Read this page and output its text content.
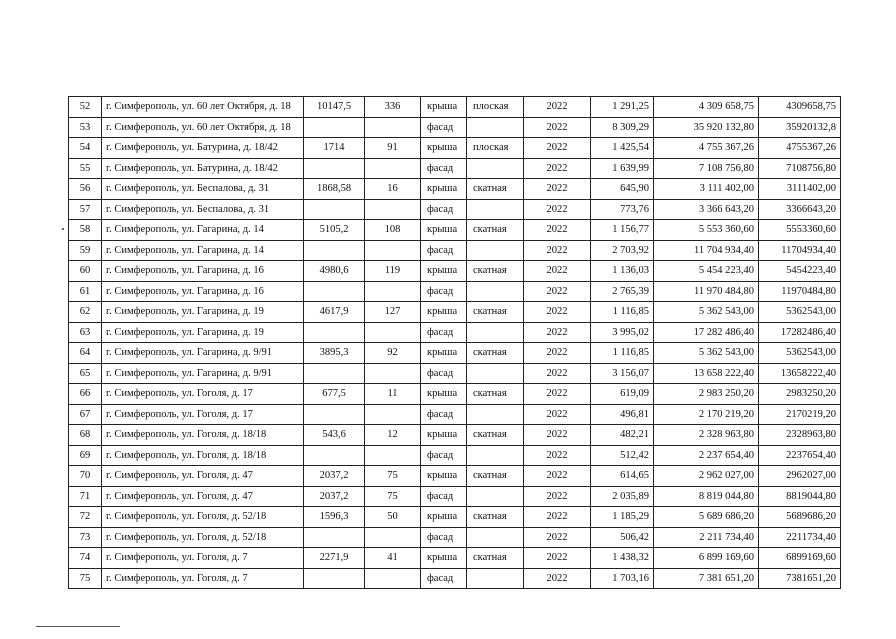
52	г. Симферополь, ул. 60 лет Октября, д. 18	10147,5	336	крыша	плоская	2022	1 291,25	4 309 658,75	4309658,75
53	г. Симферополь, ул. 60 лет Октября, д. 18			фасад		2022	8 309,29	35 920 132,80	35920132,8
54	г. Симферополь, ул. Батурина, д. 18/42	1714	91	крыша	плоская	2022	1 425,54	4 755 367,26	4755367,26
55	г. Симферополь, ул. Батурина, д. 18/42			фасад		2022	1 639,99	7 108 756,80	7108756,80
56	г. Симферополь, ул. Беспалова, д. 31	1868,58	16	крыша	скатная	2022	645,90	3 111 402,00	3111402,00
57	г. Симферополь, ул. Беспалова, д. 31			фасад		2022	773,76	3 366 643,20	3366643,20
58	г. Симферополь, ул. Гагарина, д. 14	5105,2	108	крыша	скатная	2022	1 156,77	5 553 360,60	5553360,60
59	г. Симферополь, ул. Гагарина, д. 14			фасад		2022	2 703,92	11 704 934,40	11704934,40
60	г. Симферополь, ул. Гагарина, д. 16	4980,6	119	крыша	скатная	2022	1 136,03	5 454 223,40	5454223,40
61	г. Симферополь, ул. Гагарина, д. 16			фасад		2022	2 765,39	11 970 484,80	11970484,80
62	г. Симферополь, ул. Гагарина, д. 19	4617,9	127	крыша	скатная	2022	1 116,85	5 362 543,00	5362543,00
63	г. Симферополь, ул. Гагарина, д. 19			фасад		2022	3 995,02	17 282 486,40	17282486,40
64	г. Симферополь, ул. Гагарина, д. 9/91	3895,3	92	крыша	скатная	2022	1 116,85	5 362 543,00	5362543,00
65	г. Симферополь, ул. Гагарина, д. 9/91			фасад		2022	3 156,07	13 658 222,40	13658222,40
66	г. Симферополь, ул. Гоголя, д. 17	677,5	11	крыша	скатная	2022	619,09	2 983 250,20	2983250,20
67	г. Симферополь, ул. Гоголя, д. 17			фасад		2022	496,81	2 170 219,20	2170219,20
68	г. Симферополь, ул. Гоголя, д. 18/18	543,6	12	крыша	скатная	2022	482,21	2 328 963,80	2328963,80
69	г. Симферополь, ул. Гоголя, д. 18/18			фасад		2022	512,42	2 237 654,40	2237654,40
70	г. Симферополь, ул. Гоголя, д. 47	2037,2	75	крыша	скатная	2022	614,65	2 962 027,00	2962027,00
71	г. Симферополь, ул. Гоголя, д. 47	2037,2	75	фасад		2022	2 035,89	8 819 044,80	8819044,80
72	г. Симферополь, ул. Гоголя, д. 52/18	1596,3	50	крыша	скатная	2022	1 185,29	5 689 686,20	5689686,20
73	г. Симферополь, ул. Гоголя, д. 52/18			фасад		2022	506,42	2 211 734,40	2211734,40
74	г. Симферополь, ул. Гоголя, д. 7	2271,9	41	крыша	скатная	2022	1 438,32	6 899 169,60	6899169,60
75	г. Симферополь, ул. Гоголя, д. 7			фасад		2022	1 703,16	7 381 651,20	7381651,20
